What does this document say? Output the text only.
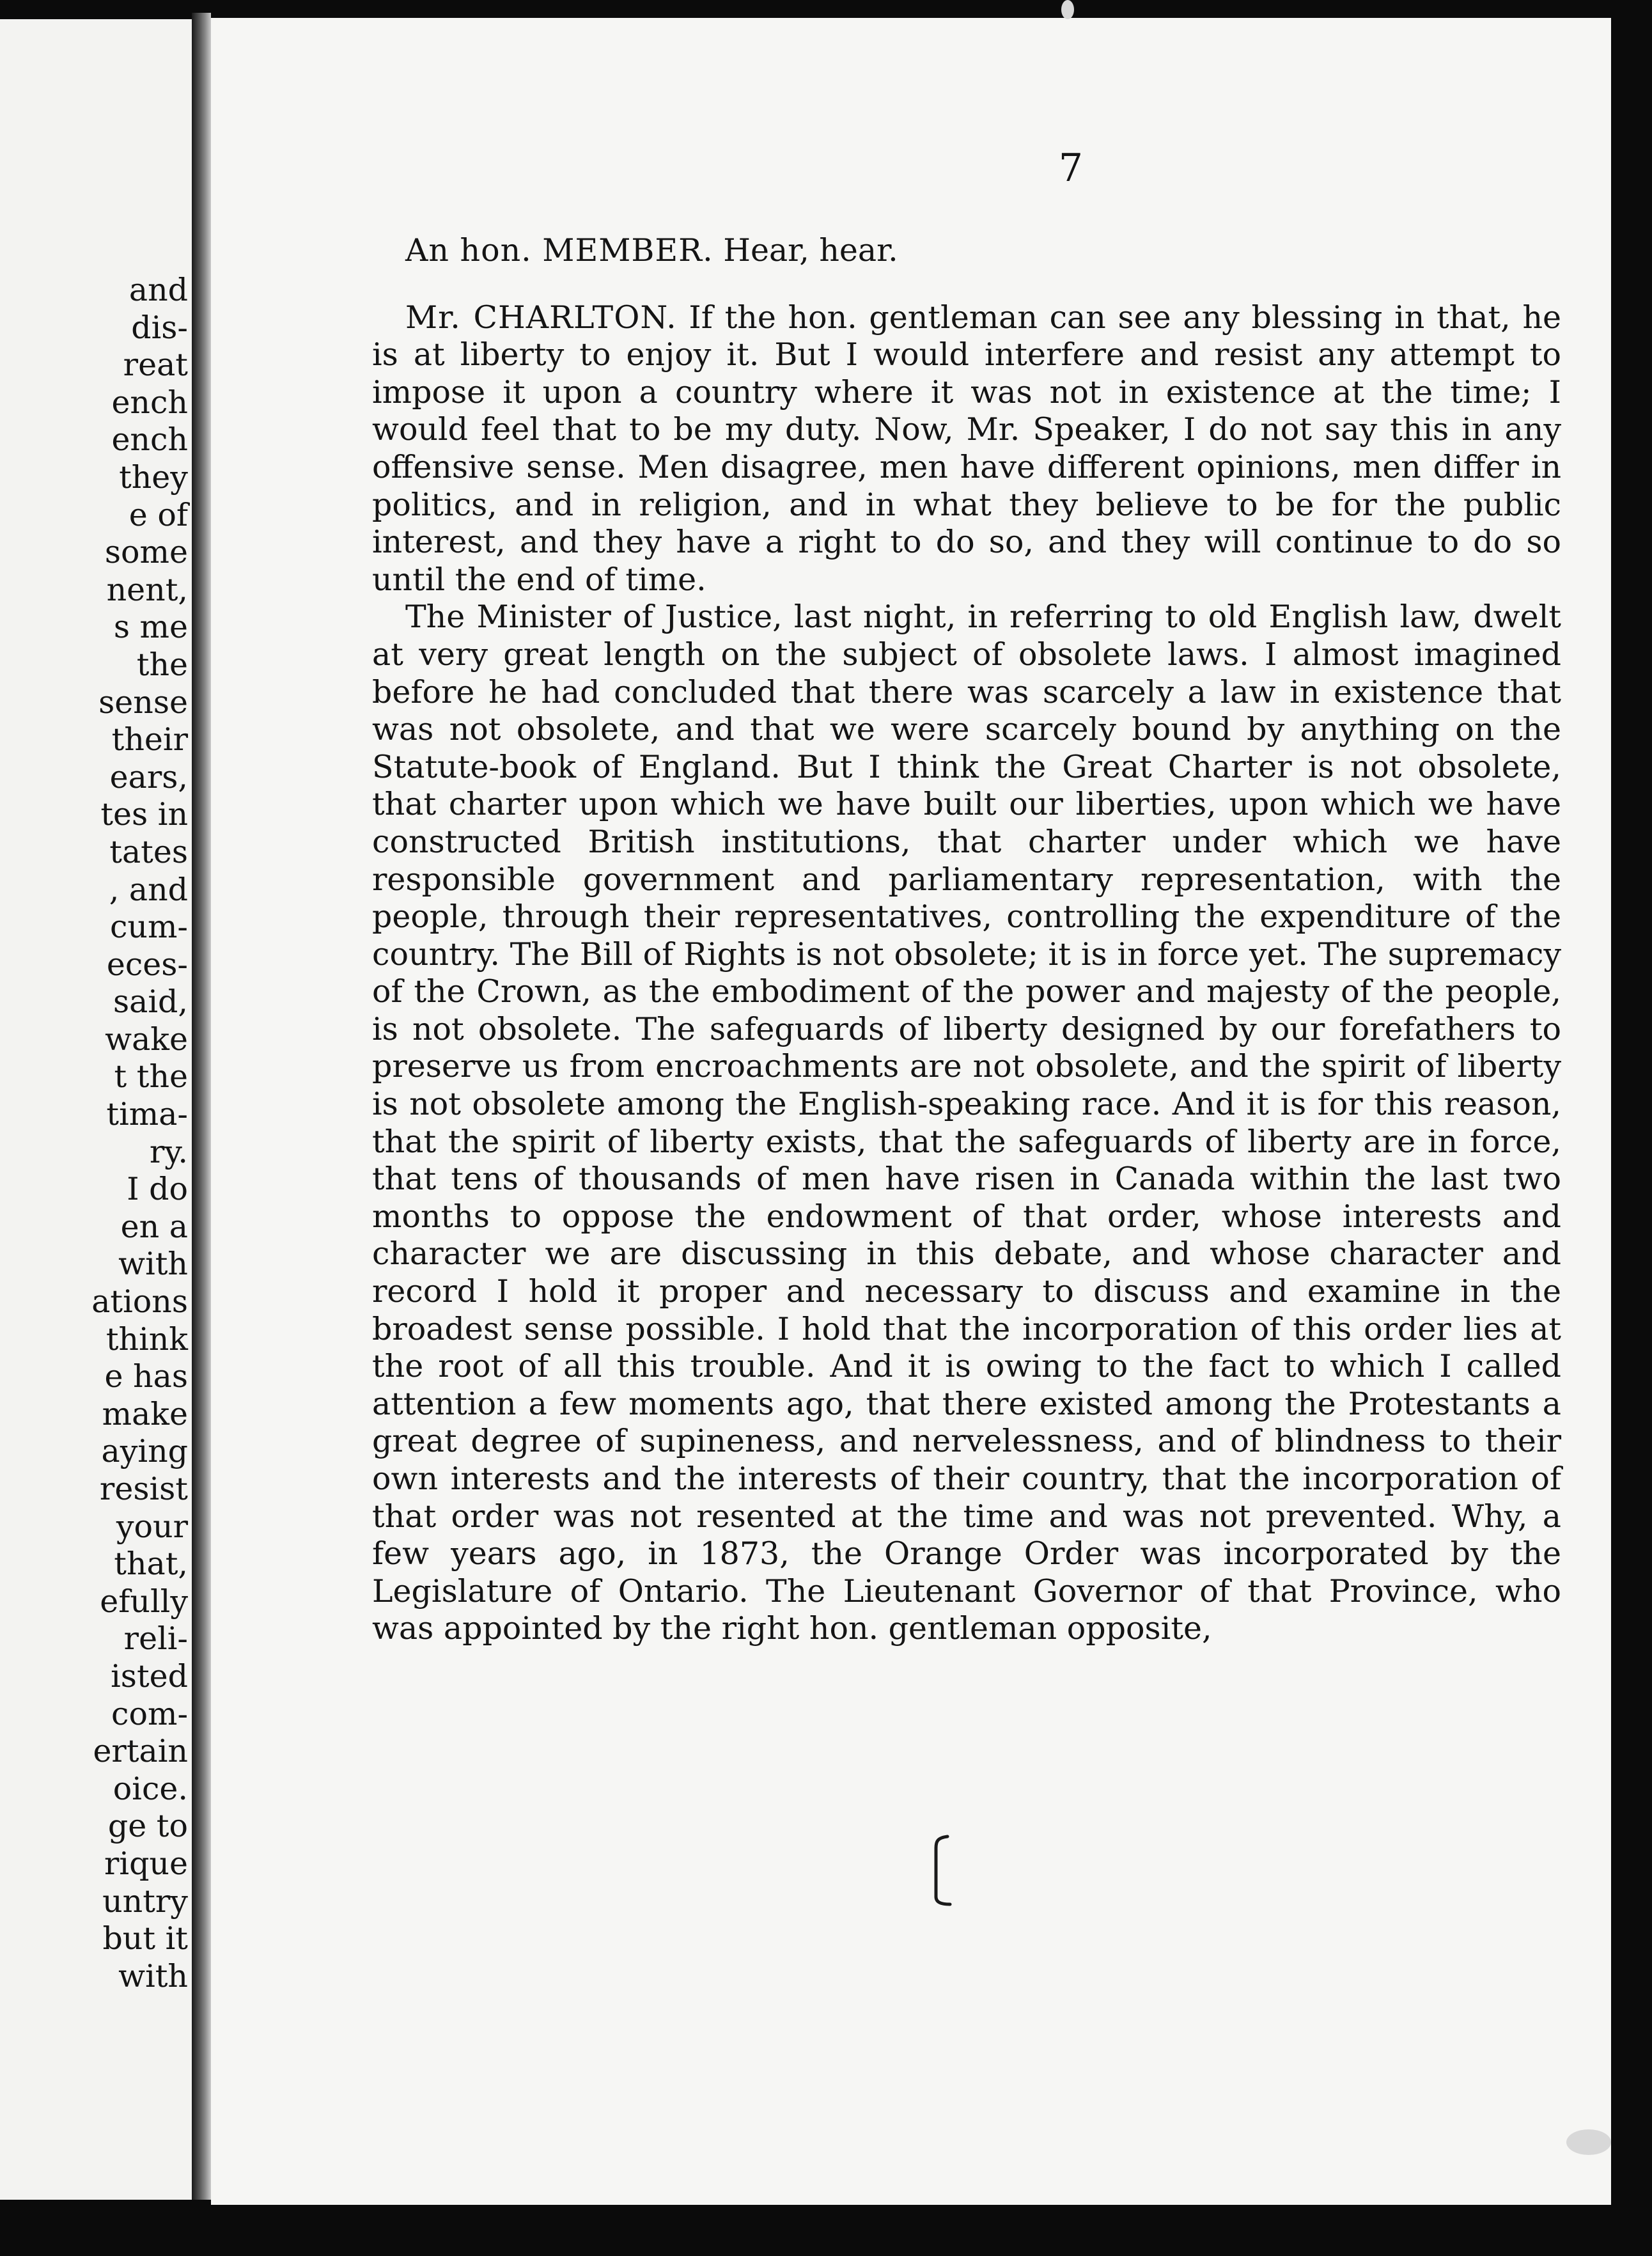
and
dis-
reat
ench
ench
they
e of
some
nent,
s me
the
sense
their
ears,
tes in
tates
, and
cum-
eces-
said,
wake
t the
tima-
ry.
I do
en a
with
ations
think
e has
make
aying
resist
your
that,
efully
reli-
isted
com-
ertain
oice.
ge to
rique
untry
but it
with
7

An hon. MEMBER. Hear, hear.

Mr. CHARLTON. If the hon. gentleman can see any blessing in that, he is at liberty to enjoy it. But I would interfere and resist any attempt to impose it upon a country where it was not in existence at the time; I would feel that to be my duty. Now, Mr. Speaker, I do not say this in any offensive sense. Men disagree, men have different opinions, men differ in politics, and in religion, and in what they believe to be for the public interest, and they have a right to do so, and they will continue to do so until the end of time.

The Minister of Justice, last night, in referring to old English law, dwelt at very great length on the subject of obsolete laws. I almost imagined before he had concluded that there was scarcely a law in existence that was not obsolete, and that we were scarcely bound by anything on the Statute-book of England. But I think the Great Charter is not obsolete, that charter upon which we have built our liberties, upon which we have constructed British institutions, that charter under which we have responsible government and parliamentary representation, with the people, through their representatives, controlling the expenditure of the country. The Bill of Rights is not obsolete; it is in force yet. The supremacy of the Crown, as the embodiment of the power and majesty of the people, is not obsolete. The safeguards of liberty designed by our forefathers to preserve us from encroachments are not obsolete, and the spirit of liberty is not obsolete among the English-speaking race. And it is for this reason, that the spirit of liberty exists, that the safeguards of liberty are in force, that tens of thousands of men have risen in Canada within the last two months to oppose the endowment of that order, whose interests and character we are discussing in this debate, and whose character and record I hold it proper and necessary to discuss and examine in the broadest sense possible. I hold that the incorporation of this order lies at the root of all this trouble. And it is owing to the fact to which I called attention a few moments ago, that there existed among the Protestants a great degree of supineness, and nervelessness, and of blindness to their own interests and the interests of their country, that the incorporation of that order was not resented at the time and was not prevented. Why, a few years ago, in 1873, the Orange Order was incorporated by the Legislature of Ontario. The Lieutenant Governor of that Province, who was appointed by the right hon. gentleman opposite,
